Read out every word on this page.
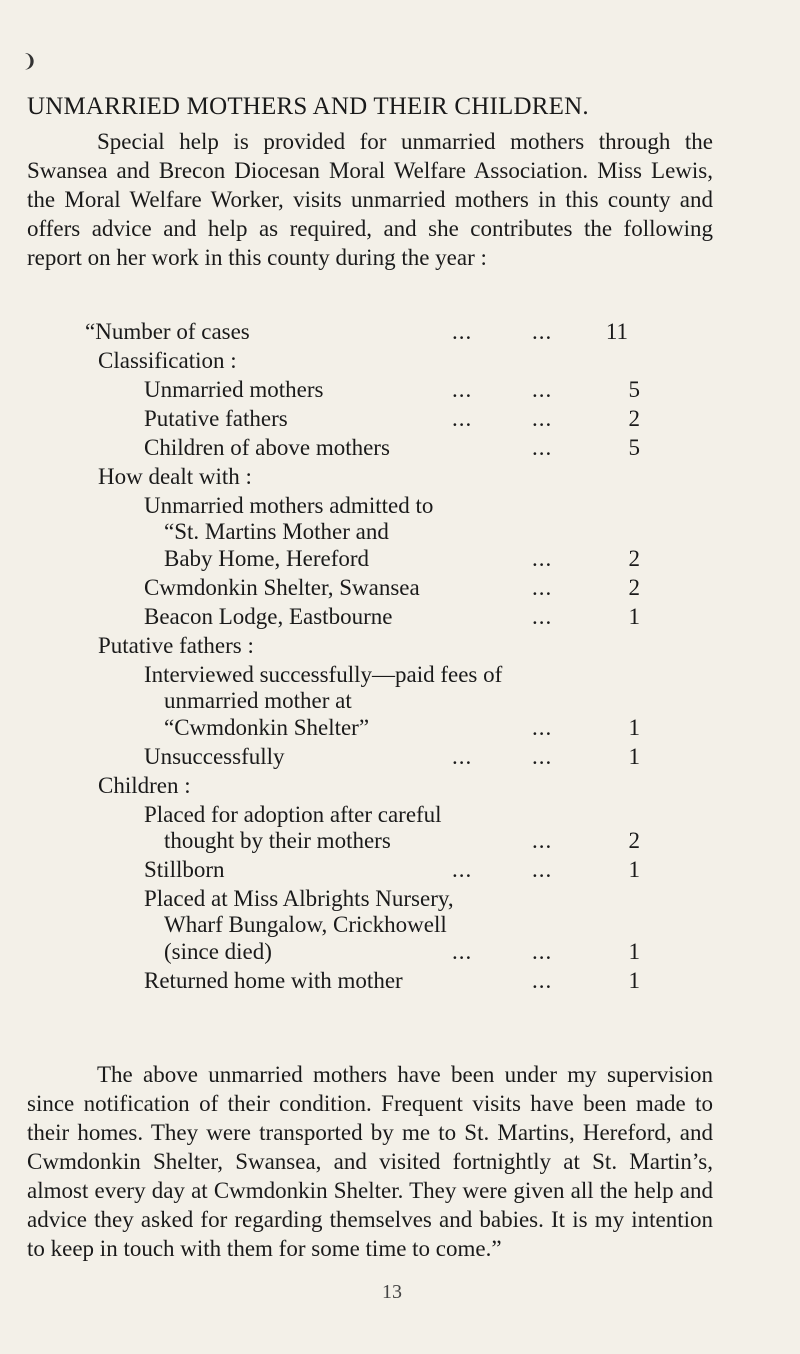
❩
UNMARRIED MOTHERS AND THEIR CHILDREN.
Special help is provided for unmarried mothers through the Swansea and Brecon Diocesan Moral Welfare Association. Miss Lewis, the Moral Welfare Worker, visits unmarried mothers in this county and offers advice and help as required, and she contributes the following report on her work in this county during the year :
“Number of cases	...	... 11
Classification :
Unmarried mothers	...	...	5
Putative fathers	...	...	2
Children of above mothers	...	5
How dealt with :
Unmarried mothers admitted to
“St. Martins Mother and
Baby Home, Hereford	...	2
Cwmdonkin Shelter, Swansea	...	2
Beacon Lodge, Eastbourne	...	1
Putative fathers :
Interviewed successfully—paid fees of
unmarried mother at
“Cwmdonkin Shelter”	...	1
Unsuccessfully	...	...	1
Children :
Placed for adoption after careful
thought by their mothers	...	2
Stillborn	...	...	1
Placed at Miss Albrights Nursery,
Wharf Bungalow, Crickhowell
(since died)	...	...	1
Returned home with mother	...	1
The above unmarried mothers have been under my supervision since notification of their condition. Frequent visits have been made to their homes. They were transported by me to St. Martins, Hereford, and Cwmdonkin Shelter, Swansea, and visited fortnightly at St. Martin’s, almost every day at Cwmdonkin Shelter. They were given all the help and advice they asked for regarding themselves and babies. It is my intention to keep in touch with them for some time to come.”
13
